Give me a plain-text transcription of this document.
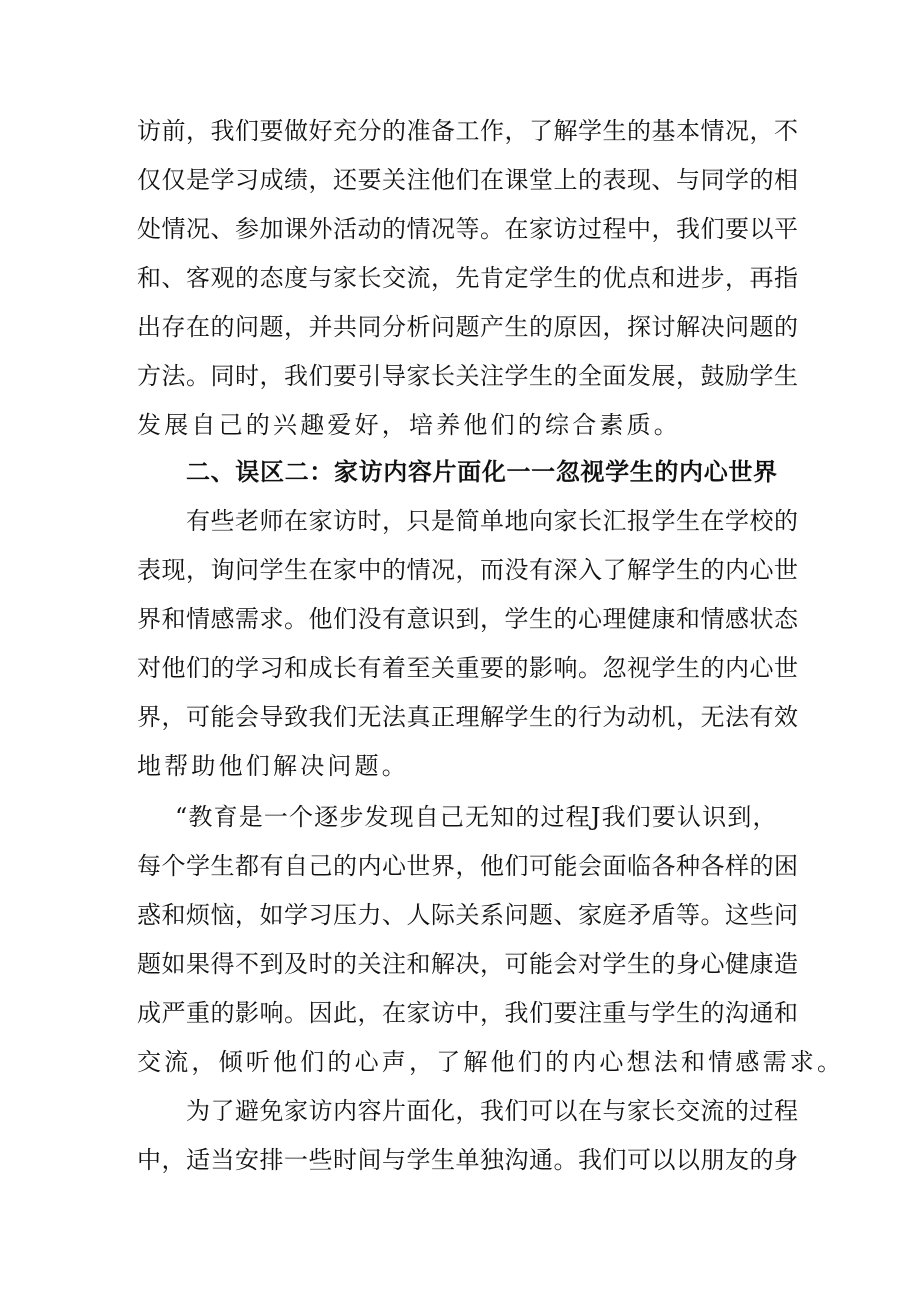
访前，我们要做好充分的准备工作，了解学生的基本情况，不

仅仅是学习成绩，还要关注他们在课堂上的表现、与同学的相

处情况、参加课外活动的情况等。在家访过程中，我们要以平

和、客观的态度与家长交流，先肯定学生的优点和进步，再指

出存在的问题，并共同分析问题产生的原因，探讨解决问题的

方法。同时，我们要引导家长关注学生的全面发展，鼓励学生

发展自己的兴趣爱好，培养他们的综合素质。

二、误区二：家访内容片面化一一忽视学生的内心世界

有些老师在家访时，只是简单地向家长汇报学生在学校的

表现，询问学生在家中的情况，而没有深入了解学生的内心世

界和情感需求。他们没有意识到，学生的心理健康和情感状态

对他们的学习和成长有着至关重要的影响。忽视学生的内心世

界，可能会导致我们无法真正理解学生的行为动机，无法有效

地帮助他们解决问题。

“教育是一个逐步发现自己无知的过程J我们要认识到，

每个学生都有自己的内心世界，他们可能会面临各种各样的困

惑和烦恼，如学习压力、人际关系问题、家庭矛盾等。这些问

题如果得不到及时的关注和解决，可能会对学生的身心健康造

成严重的影响。因此，在家访中，我们要注重与学生的沟通和

交流，倾听他们的心声，了解他们的内心想法和情感需求。

为了避免家访内容片面化，我们可以在与家长交流的过程

中，适当安排一些时间与学生单独沟通。我们可以以朋友的身
